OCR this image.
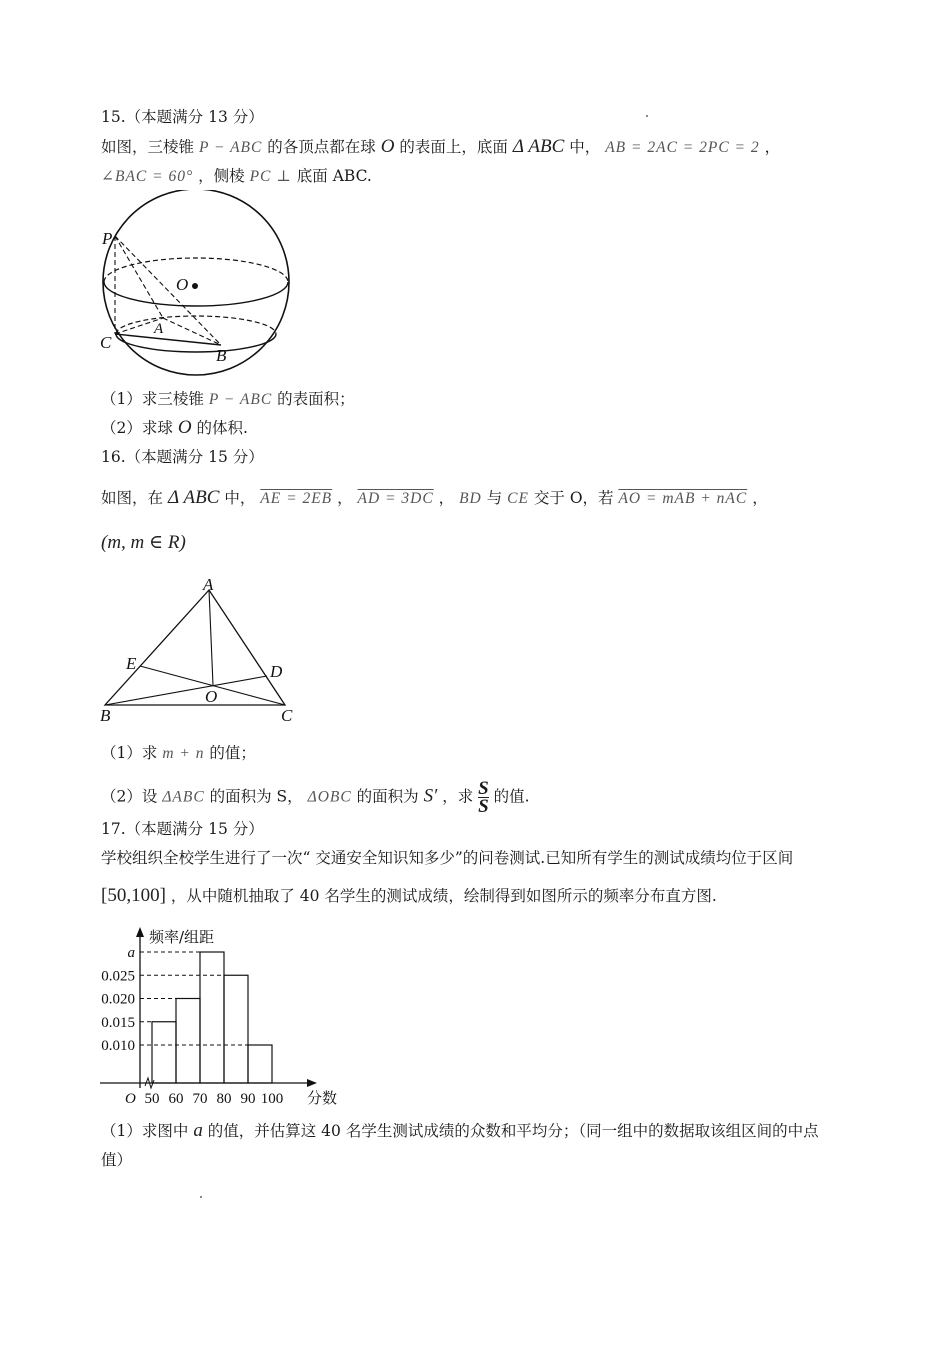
15.（本题满分 13 分）
如图，三棱锥 P − ABC 的各顶点都在球 O 的表面上，底面 Δ ABC 中， AB = 2AC = 2PC = 2 ，
∠BAC = 60° ，侧棱 PC ⊥ 底面 ABC.
P
O
A
C
B
（1）求三棱锥 P − ABC 的表面积；
（2）求球 O 的体积.
16.（本题满分 15 分）
如图，在 Δ ABC 中， AE = 2EB ， AD = 3DC ， BD 与 CE 交于 O，若 AO = mAB + nAC ，
(m, m ∈ R)
A
E	D
O
B	C
（1）求 m + n 的值；
（2）设 ΔABC 的面积为 S， ΔOBC 的面积为 S′ ，求 $\frac{S}{S}$ 的值.
17.（本题满分 15 分）
学校组织全校学生进行了一次“ 交通安全知识知多少”的问卷测试.已知所有学生的测试成绩均位于区间
[50,100] ，从中随机抽取了 40 名学生的测试成绩，绘制得到如图所示的频率分布直方图.
a
0.025
0.020
0.015
0.010
50 60 70 80 90 100
频率/组距
分数
O
（1）求图中 a 的值，并估算这 40 名学生测试成绩的众数和平均分；（同一组中的数据取该组区间的中点
值）
